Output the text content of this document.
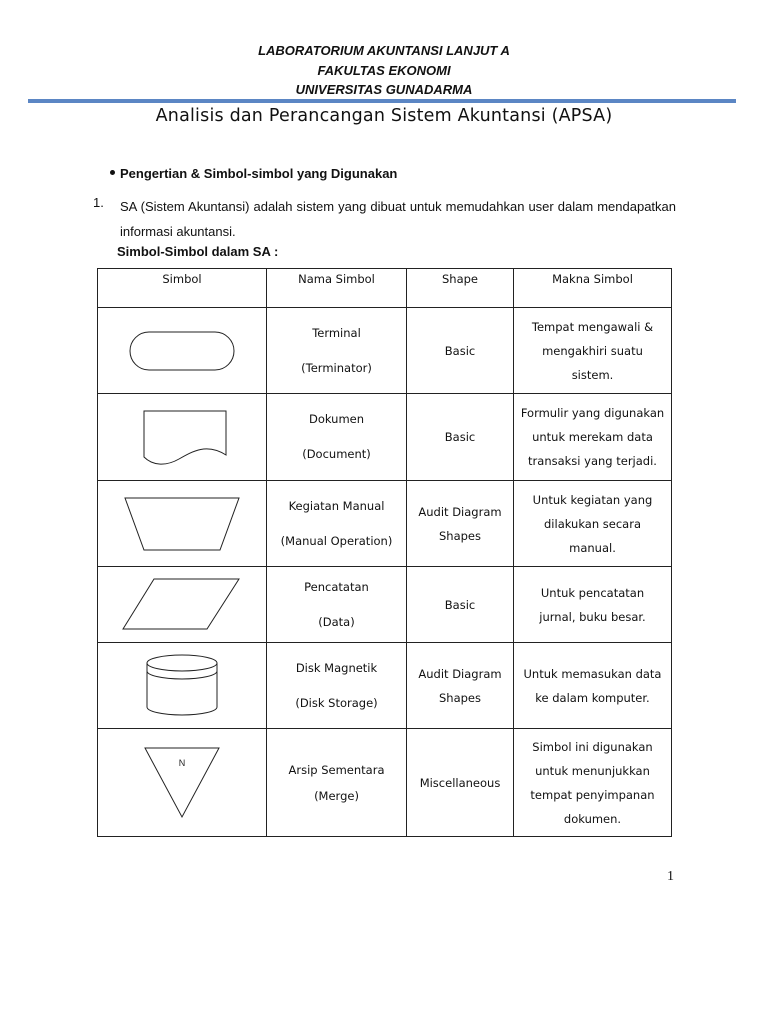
LABORATORIUM AKUNTANSI LANJUT A
FAKULTAS EKONOMI
UNIVERSITAS GUNADARMA
Analisis dan Perancangan Sistem Akuntansi (APSA)
Pengertian & Simbol-simbol yang Digunakan
1. SA (Sistem Akuntansi) adalah sistem yang dibuat untuk memudahkan user dalam mendapatkan informasi akuntansi.
Simbol-Simbol dalam SA :
Simbol	Nama Simbol	Shape	Makna Simbol

Terminal
(Terminator)	Basic	Tempat mengawali &
mengakhiri suatu
sistem.

Dokumen
(Document)	Basic	Formulir yang digunakan
untuk merekam data
transaksi yang terjadi.

Kegiatan Manual
(Manual Operation)	Audit Diagram
Shapes	Untuk kegiatan yang
dilakukan secara
manual.

Pencatatan
(Data)	Basic	Untuk pencatatan
jurnal, buku besar.

Disk Magnetik
(Disk Storage)	Audit Diagram
Shapes	Untuk memasukan data
ke dalam komputer.

N	Arsip Sementara
(Merge)	Miscellaneous	Simbol ini digunakan
untuk menunjukkan
tempat penyimpanan
dokumen.
1
